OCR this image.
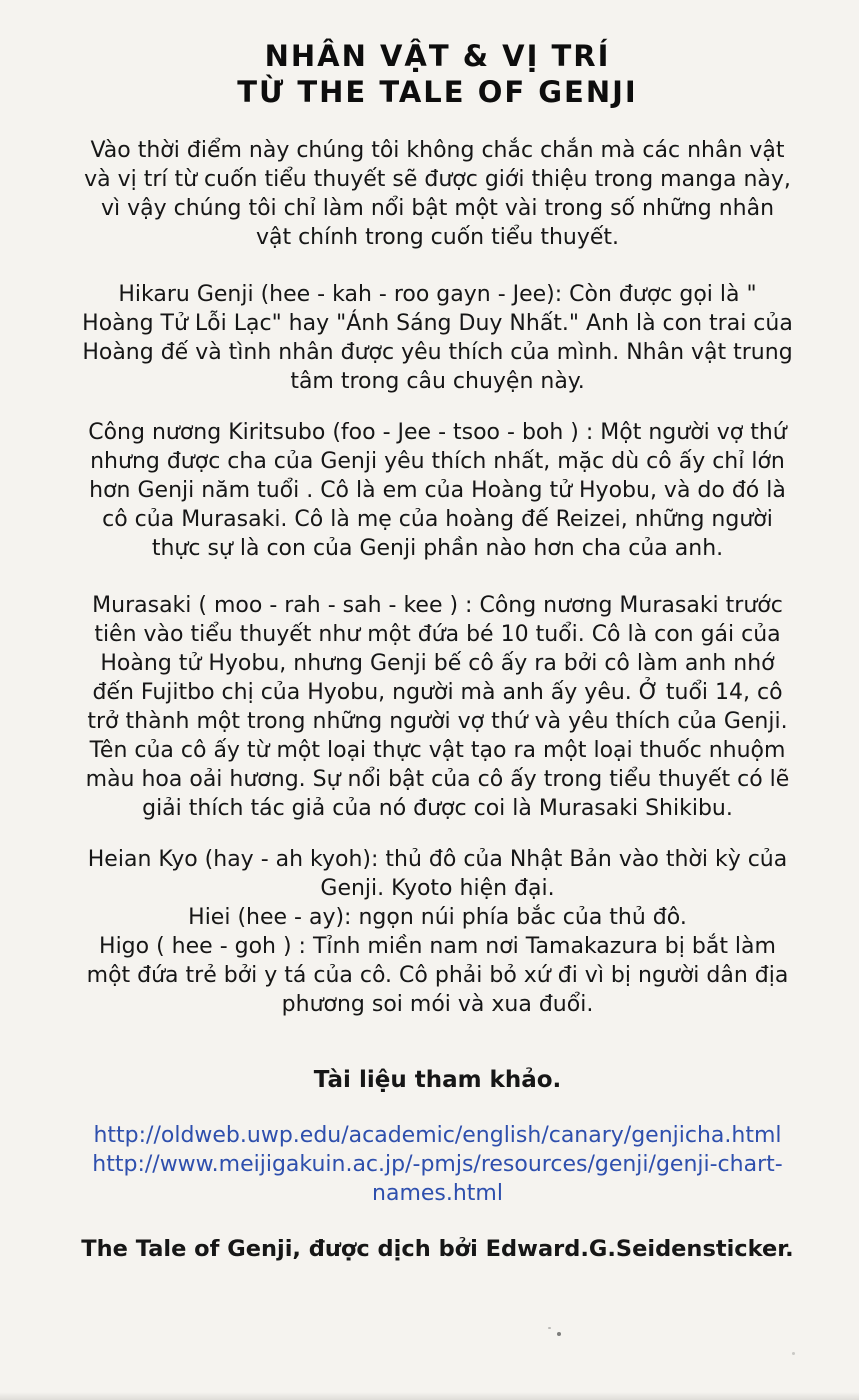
NHÂN VẬT & VỊ TRÍ
TỪ THE TALE OF GENJI

Vào thời điểm này chúng tôi không chắc chắn mà các nhân vật và vị trí từ cuốn tiểu thuyết sẽ được giới thiệu trong manga này, vì vậy chúng tôi chỉ làm nổi bật một vài trong số những nhân vật chính trong cuốn tiểu thuyết.

Hikaru Genji (hee - kah - roo gayn - Jee): Còn được gọi là " Hoàng Tử Lỗi Lạc" hay "Ánh Sáng Duy Nhất." Anh là con trai của Hoàng đế và tình nhân được yêu thích của mình. Nhân vật trung tâm trong câu chuyện này.

Công nương Kiritsubo (foo - Jee - tsoo - boh ) : Một người vợ thứ nhưng được cha của Genji yêu thích nhất, mặc dù cô ấy chỉ lớn hơn Genji năm tuổi . Cô là em của Hoàng tử Hyobu, và do đó là cô của Murasaki. Cô là mẹ của hoàng đế Reizei, những người thực sự là con của Genji phần nào hơn cha của anh.

Murasaki ( moo - rah - sah - kee ) : Công nương Murasaki trước tiên vào tiểu thuyết như một đứa bé 10 tuổi. Cô là con gái của Hoàng tử Hyobu, nhưng Genji bế cô ấy ra bởi cô làm anh nhớ đến Fujitbo chị của Hyobu, người mà anh ấy yêu. Ở tuổi 14, cô trở thành một trong những người vợ thứ và yêu thích của Genji. Tên của cô ấy từ một loại thực vật tạo ra một loại thuốc nhuộm màu hoa oải hương. Sự nổi bật của cô ấy trong tiểu thuyết có lẽ giải thích tác giả của nó được coi là Murasaki Shikibu.

Heian Kyo (hay - ah kyoh): thủ đô của Nhật Bản vào thời kỳ của Genji. Kyoto hiện đại.
Hiei (hee - ay): ngọn núi phía bắc của thủ đô.
Higo ( hee - goh ) : Tỉnh miền nam nơi Tamakazura bị bắt làm một đứa trẻ bởi y tá của cô. Cô phải bỏ xứ đi vì bị người dân địa phương soi mói và xua đuổi.

Tài liệu tham khảo.

http://oldweb.uwp.edu/academic/english/canary/genjicha.html
http://www.meijigakuin.ac.jp/-pmjs/resources/genji/genji-chart-names.html

The Tale of Genji, được dịch bởi Edward.G.Seidensticker.
